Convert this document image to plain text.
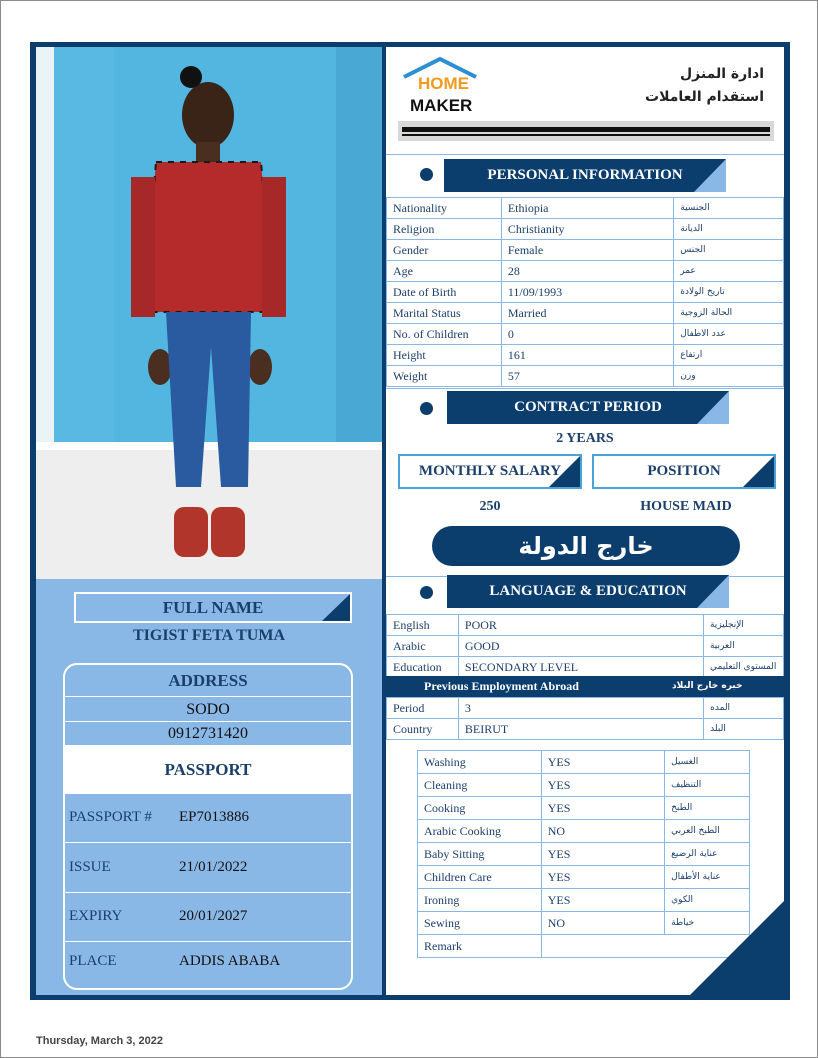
FULL NAME
TIGIST FETA TUMA
ADDRESS
SODO
0912731420
PASSPORT
PASSPORT # EP7013886
ISSUE	21/01/2022
EXPIRY	20/01/2027
PLACE	ADDIS ABABA
HOME
MAKER
ادارة المنزل
استقدام العاملات
PERSONAL INFORMATION
Nationality	Ethiopia	الجنسية
Religion	Christianity	الديانة
Gender	Female	الجنس
Age	28	عمر
Date of Birth	11/09/1993	تاريخ الولادة
Marital Status	Married	الحالة الزوجية
No. of Children	0	عدد الاطفال
Height	161	ارتفاع
Weight	57	وزن
CONTRACT PERIOD
2 YEARS
MONTHLY SALARY	POSITION
250	HOUSE MAID
خارج الدولة
LANGUAGE & EDUCATION
English	POOR	الإنجليزية
Arabic	GOOD	العربية
Education	SECONDARY LEVEL	المستوي التعليمي
Previous Employment Abroad	خبره خارج البلاد
Period	3	المده
Country	BEIRUT	البلد
Washing	YES	الغسيل
Cleaning	YES	التنظيف
Cooking	YES	الطبخ
Arabic Cooking	NO	الطبخ العربي
Baby Sitting	YES	عناية الرضيع
Children Care	YES	عناية الأطفال
Ironing	YES	الكوي
Sewing	NO	خياطة
Remark		
Thursday, March 3, 2022
